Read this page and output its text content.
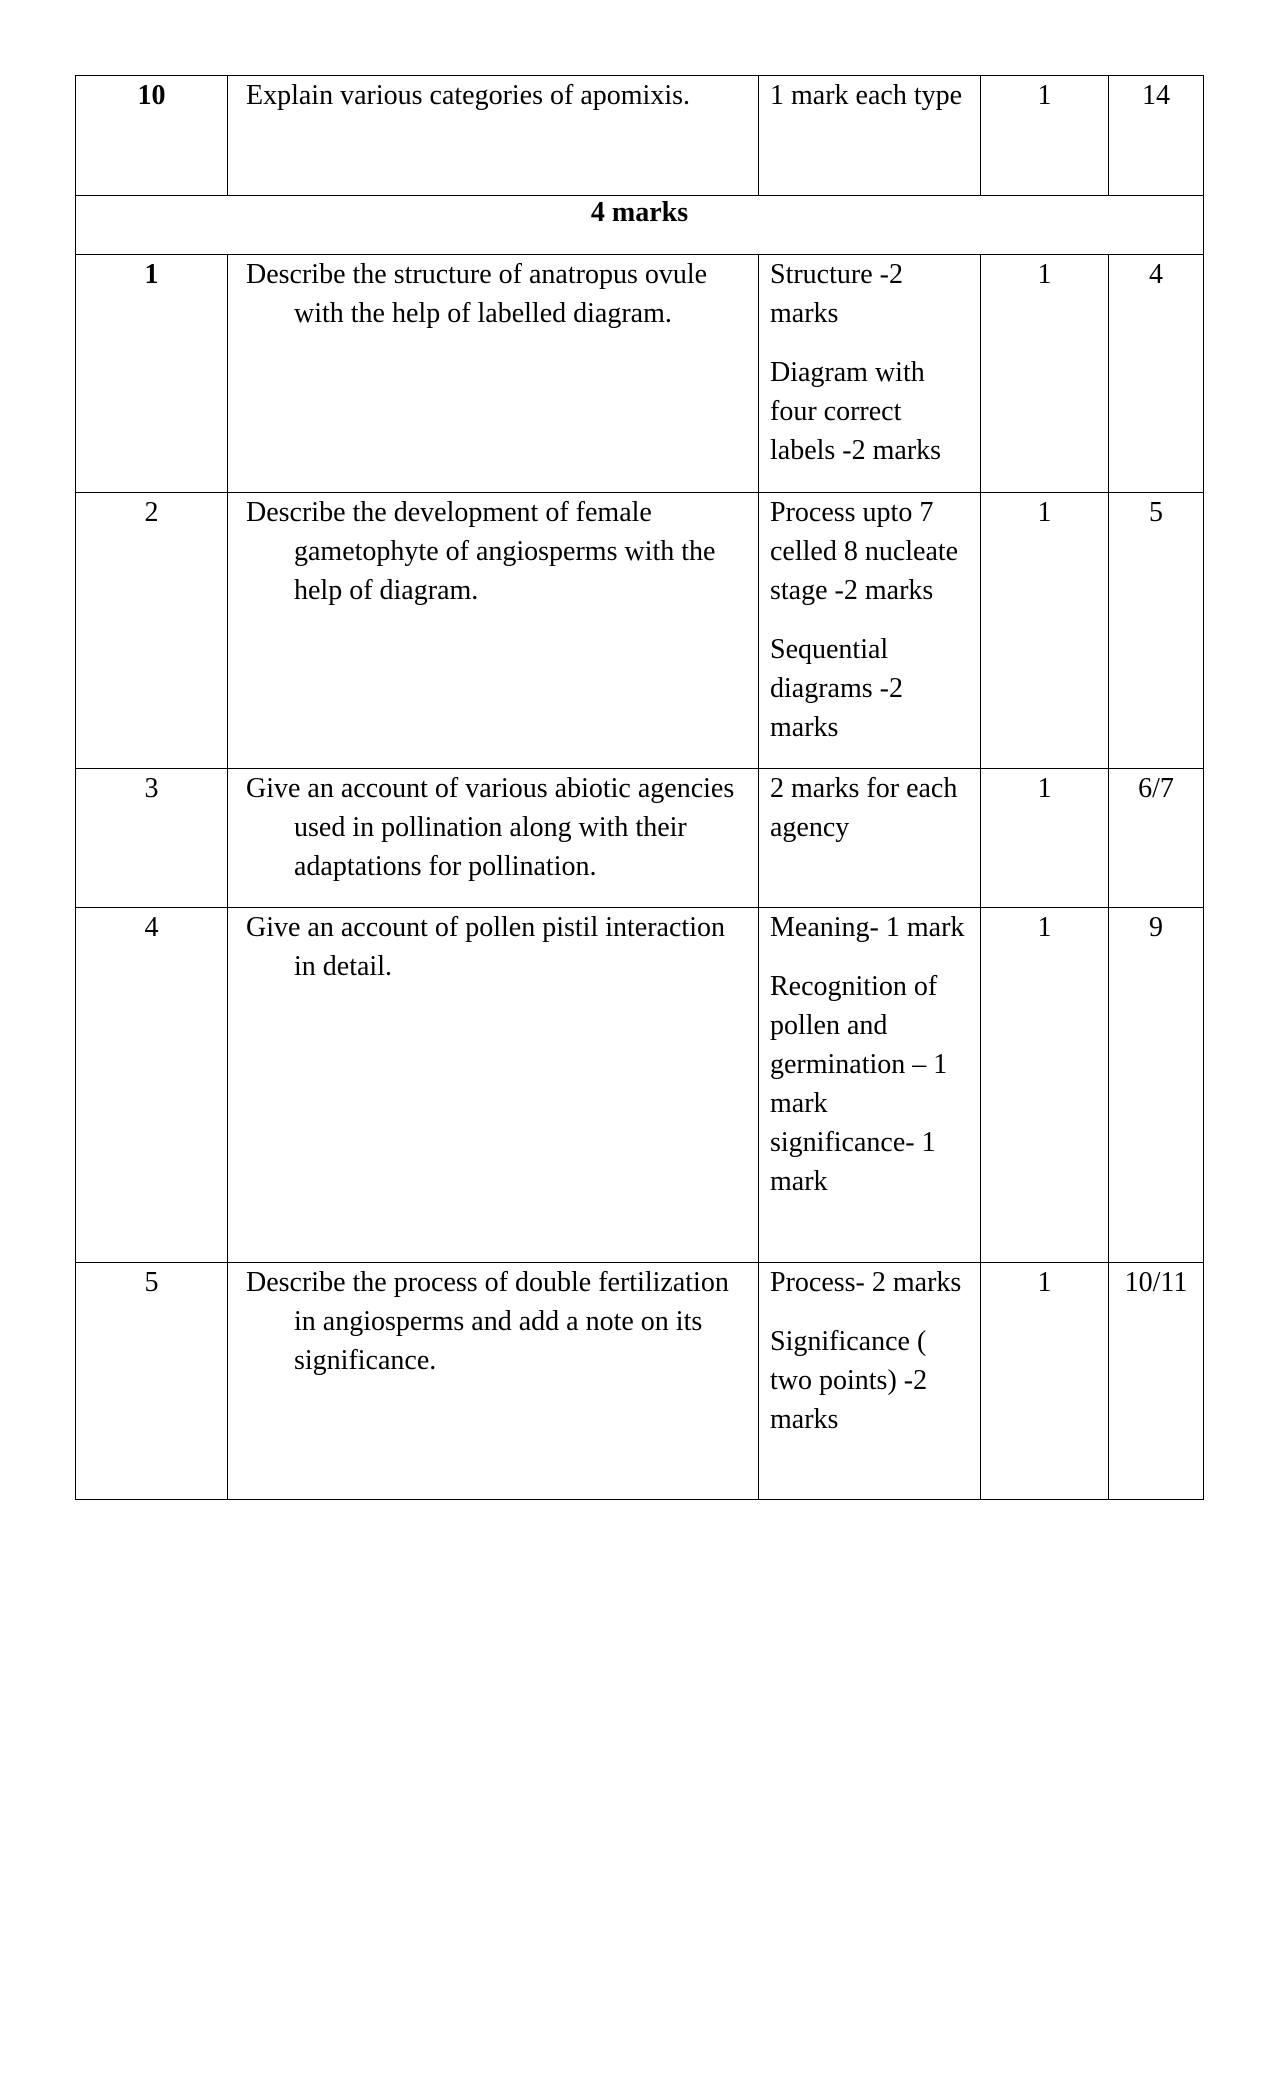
10	Explain various categories of apomixis.	1 mark each type	1	14
4 marks				

1	Describe the structure of anatropus ovule with the help of labelled diagram.	Structure -2 marks
Diagram with four correct labels -2 marks	1	4

2	Describe the development of female gametophyte of angiosperms with the help of diagram.	Process upto 7 celled 8 nucleate stage -2 marks
Sequential diagrams -2 marks	1	5

3	Give an account of various abiotic agencies used in pollination along with their adaptations for pollination.	2 marks for each agency	1	6/7

4	Give an account of pollen pistil interaction in detail.	Meaning- 1 mark
Recognition of pollen and germination – 1 mark significance- 1 mark	1	9

5	Describe the process of double fertilization in angiosperms and add a note on its significance.	Process- 2 marks
Significance ( two points) -2 marks	1	10/11
